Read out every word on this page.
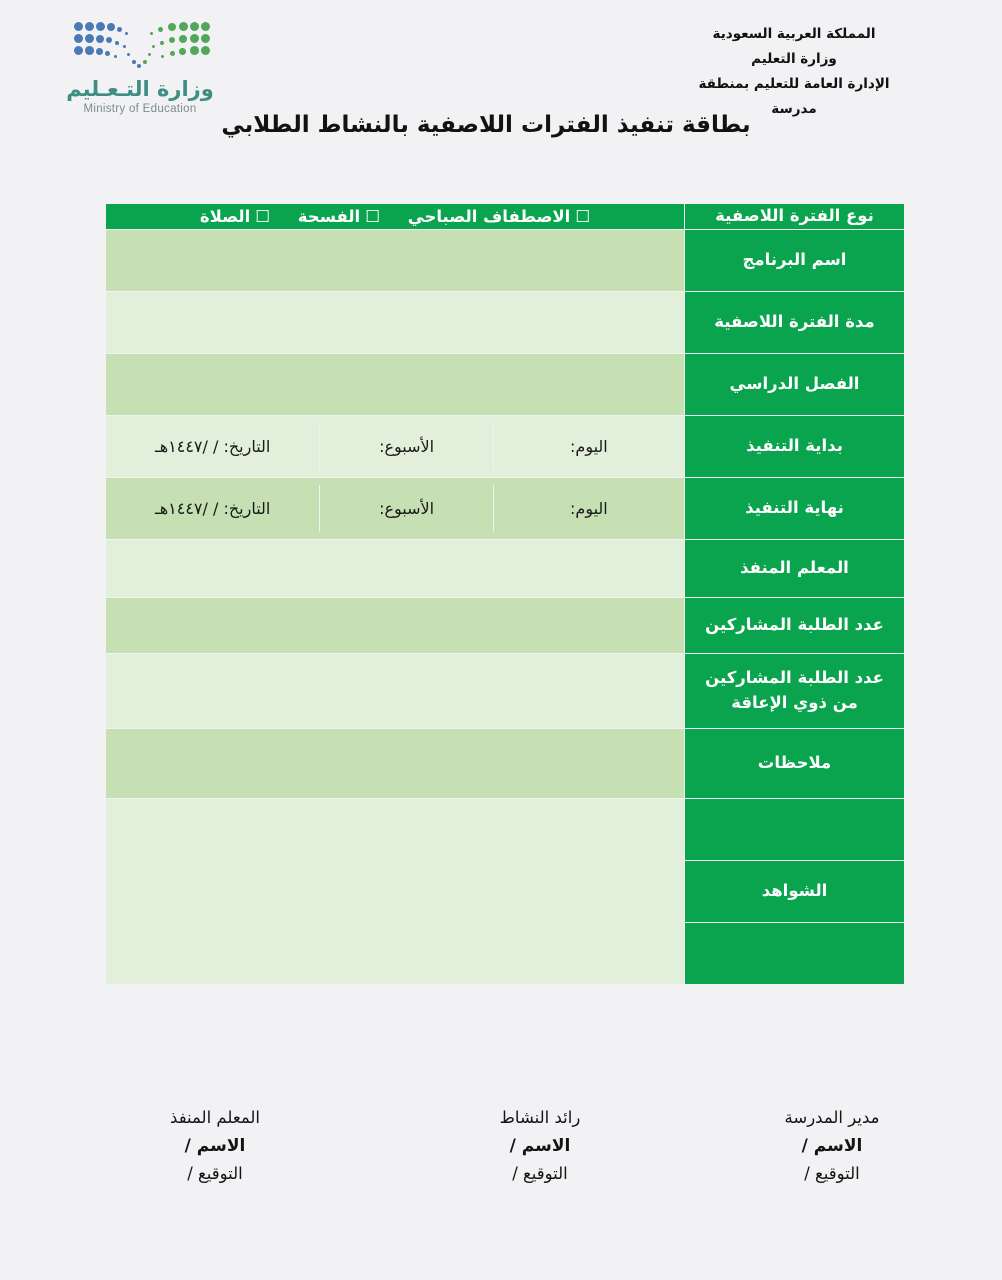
وزارة التـعـليم
Ministry of Education
المملكة العربية السعودية
وزارة التعليم
الإدارة العامة للتعليم بمنطقة
مدرسة
بطاقة تنفيذ الفترات اللاصفية بالنشاط الطلابي
نوع الفترة اللاصفية	☐الاصطفاف الصباحي ☐الفسحة ☐الصلاة
اسم البرنامج	
مدة الفترة اللاصفية	
الفصل الدراسي	
بداية التنفيذ	
اليوم:	الأسبوع:	التاريخ: / /١٤٤٧هـ

نهاية التنفيذ	
اليوم:	الأسبوع:	التاريخ: / /١٤٤٧هـ

المعلم المنفذ	
عدد الطلبة المشاركين	

عدد الطلبة المشاركين
من ذوي الإعاقة

ملاحظات	

الشواهد

المعلم المنفذ
الاسم /
التوقيع /
رائد النشاط
الاسم /
التوقيع /
مدير المدرسة
الاسم /
التوقيع /
